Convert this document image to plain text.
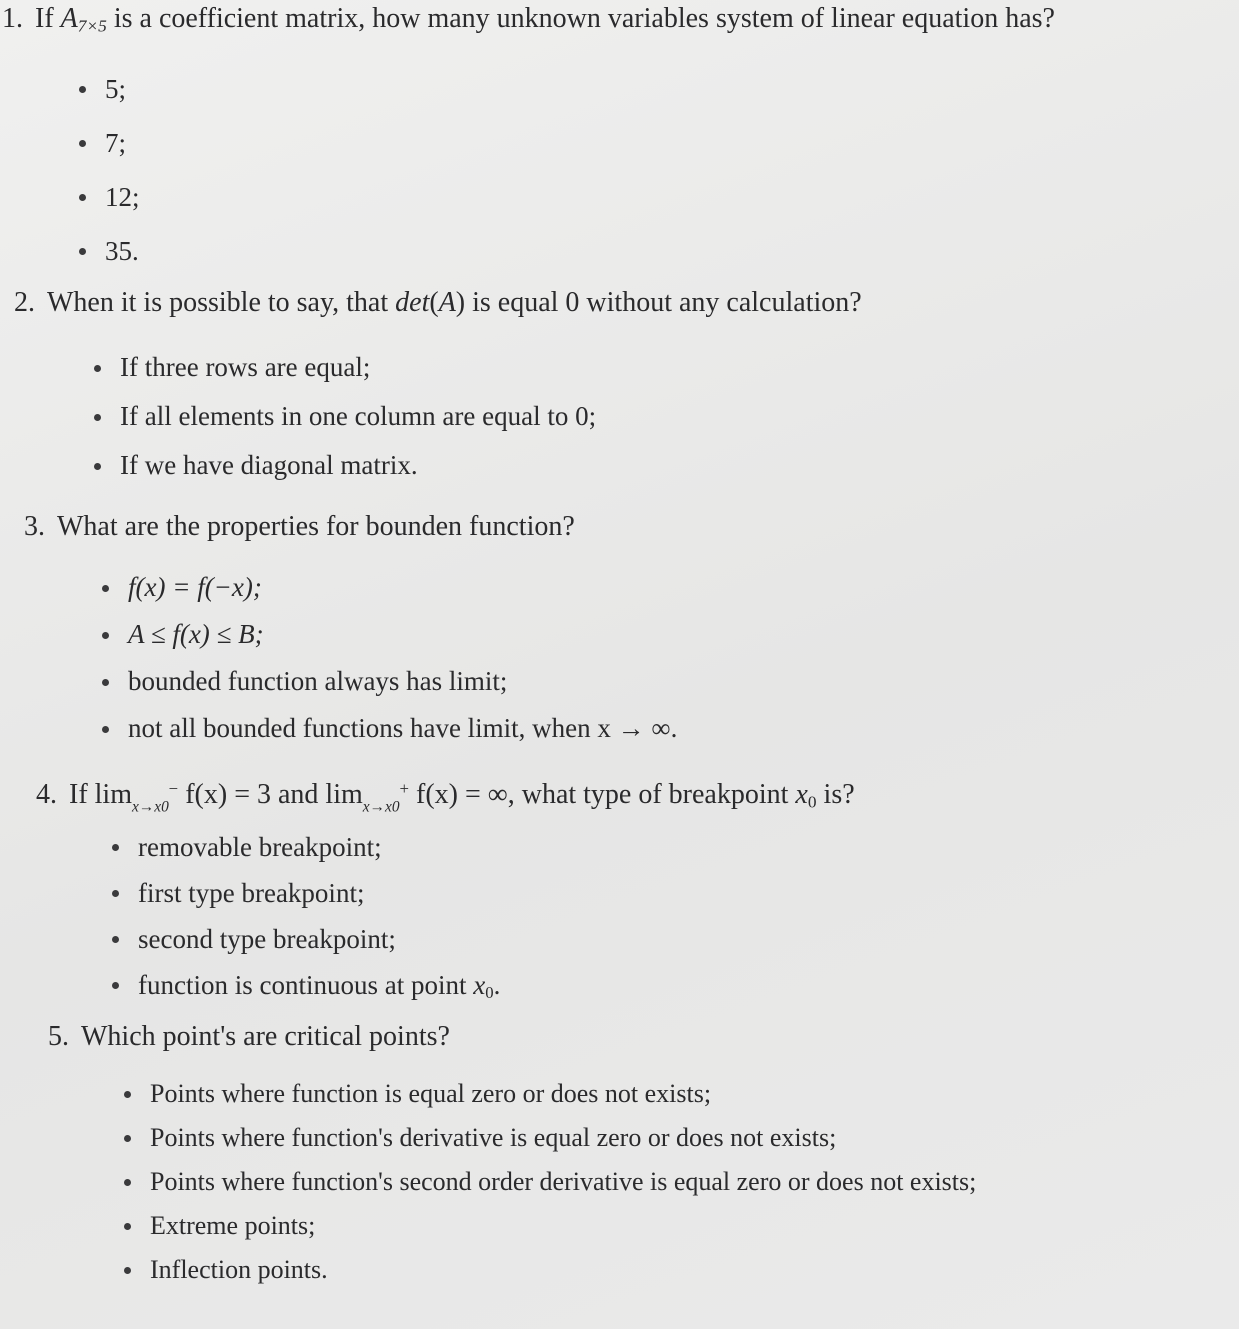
1. If $A_{7\times 5}$ is a coefficient matrix, how many unknown variables system of linear equation has?
5;
7;
12;
35.
2. When it is possible to say, that det(A) is equal 0 without any calculation?
If three rows are equal;
If all elements in one column are equal to 0;
If we have diagonal matrix.
3. What are the properties for bounden function?
f(x) = f(−x);
A ≤ f(x) ≤ B;
bounded function always has limit;
not all bounded functions have limit, when x → ∞.
4. If $\lim_{x\to x0}^- f(x) = 3$ and $\lim_{x\to x0}^+ f(x)$ = ∞, what type of breakpoint $x_0$ is?
removable breakpoint;
first type breakpoint;
second type breakpoint;
function is continuous at point $x_0$.
5. Which point's are critical points?
Points where function is equal zero or does not exists;
Points where function's derivative is equal zero or does not exists;
Points where function's second order derivative is equal zero or does not exists;
Extreme points;
Inflection points.
